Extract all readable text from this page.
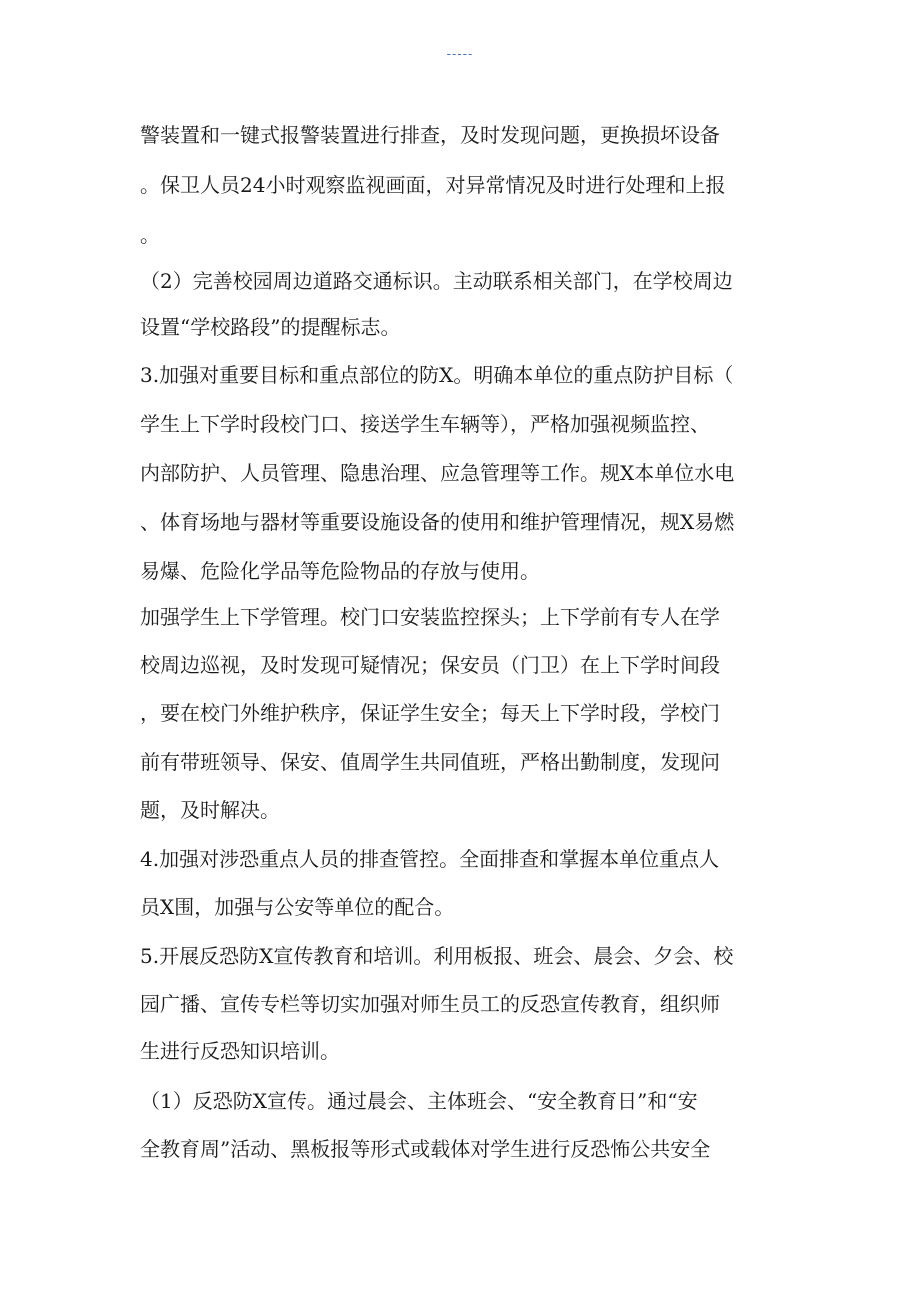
-----
警装置和一键式报警装置进行排查，及时发现问题，更换损坏设备
。保卫人员24小时观察监视画面，对异常情况及时进行处理和上报
。
（2）完善校园周边道路交通标识。主动联系相关部门，在学校周边
设置“学校路段”的提醒标志。
3.加强对重要目标和重点部位的防X。明确本单位的重点防护目标（
学生上下学时段校门口、接送学生车辆等），严格加强视频监控、
内部防护、人员管理、隐患治理、应急管理等工作。规X本单位水电
、体育场地与器材等重要设施设备的使用和维护管理情况，规X易燃
易爆、危险化学品等危险物品的存放与使用。
加强学生上下学管理。校门口安装监控探头；上下学前有专人在学
校周边巡视，及时发现可疑情况；保安员（门卫）在上下学时间段
，要在校门外维护秩序，保证学生安全；每天上下学时段，学校门
前有带班领导、保安、值周学生共同值班，严格出勤制度，发现问
题，及时解决。
4.加强对涉恐重点人员的排查管控。全面排查和掌握本单位重点人
员X围，加强与公安等单位的配合。
5.开展反恐防X宣传教育和培训。利用板报、班会、晨会、夕会、校
园广播、宣传专栏等切实加强对师生员工的反恐宣传教育，组织师
生进行反恐知识培训。
（1）反恐防X宣传。通过晨会、主体班会、“安全教育日”和“安
全教育周”活动、黑板报等形式或载体对学生进行反恐怖公共安全
